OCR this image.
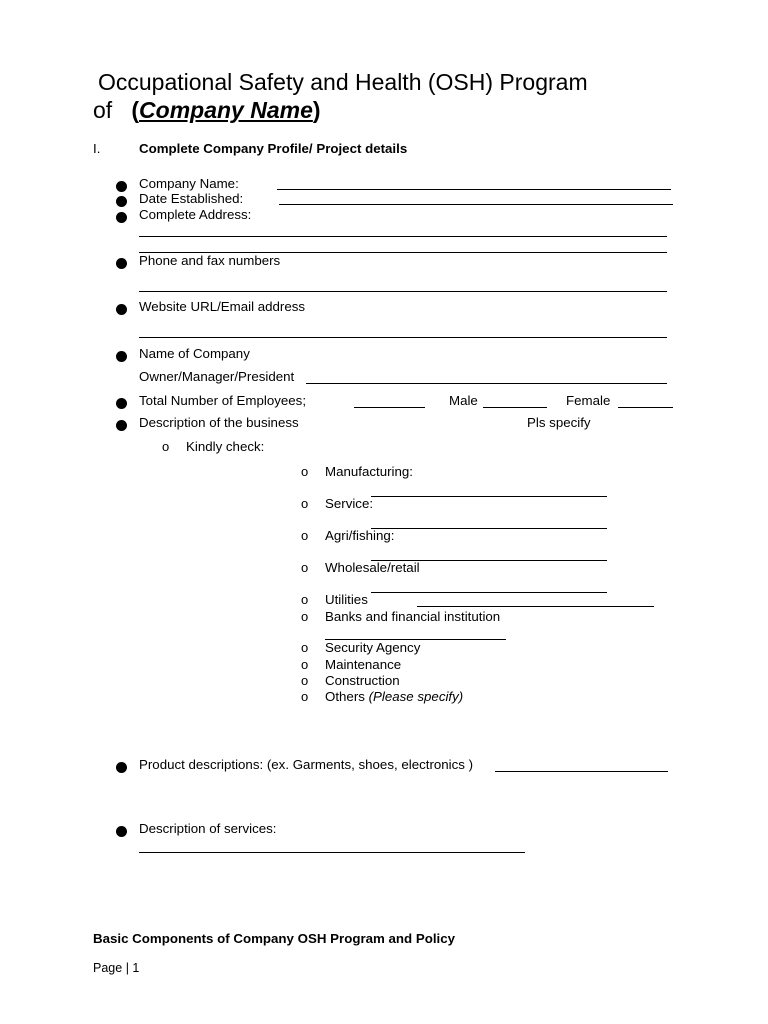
Occupational Safety and Health (OSH) Program
of (Company Name)
I.	Complete Company Profile/ Project details
Company Name:
Date Established:
Complete Address:
Phone and fax numbers
Website URL/Email address
Name of Company
Owner/Manager/President
Total Number of Employees;	Male	Female
Description of the business	Pls specify
o Kindly check:
o Manufacturing:
o Service:
o Agri/fishing:
o Wholesale/retail
o Utilities
o Banks and financial institution
o Security Agency
o Maintenance
o Construction
o Others (Please specify)
Product descriptions: (ex. Garments, shoes, electronics )
Description of services:
Basic Components of Company OSH Program and Policy
Page | 1
